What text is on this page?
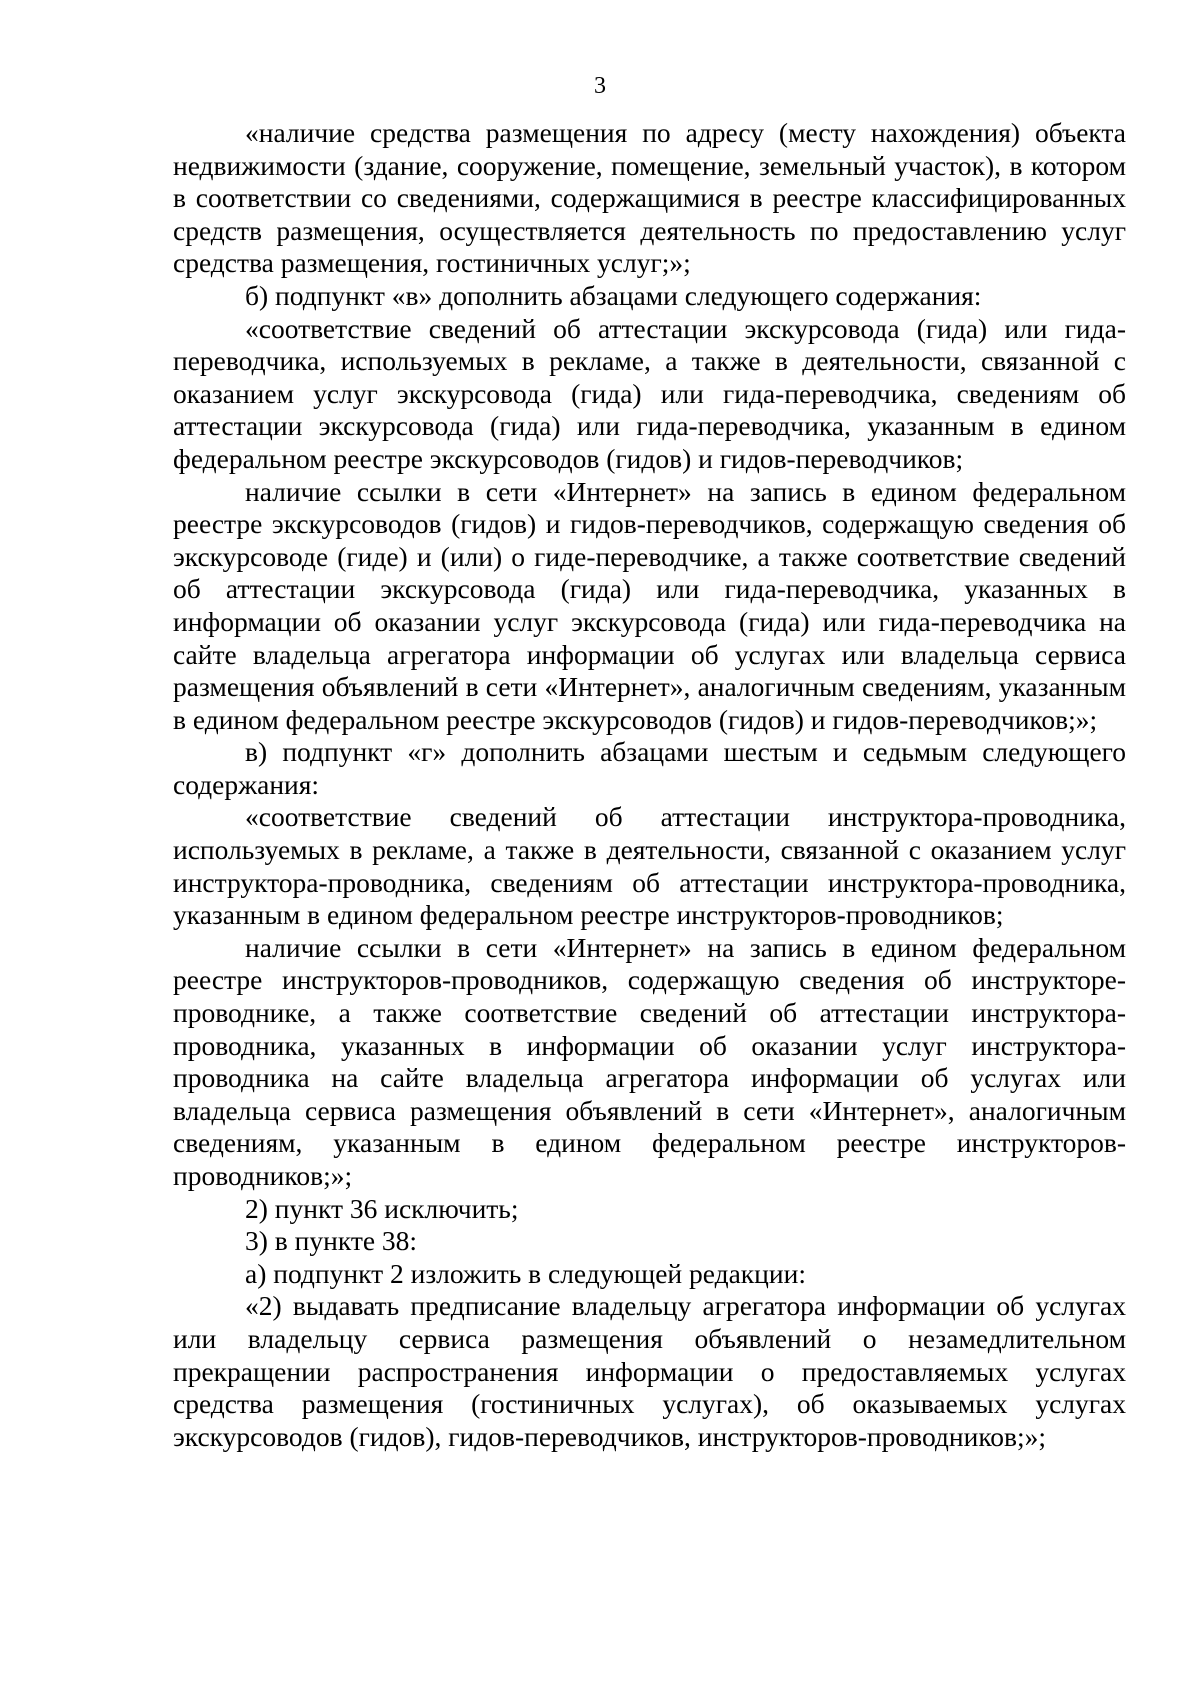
3

«наличие средства размещения по адресу (месту нахождения) объекта недвижимости (здание, сооружение, помещение, земельный участок), в котором в соответствии со сведениями, содержащимися в реестре классифицированных средств размещения, осуществляется деятельность по предоставлению услуг средства размещения, гостиничных услуг;»;

б) подпункт «в» дополнить абзацами следующего содержания:

«соответствие сведений об аттестации экскурсовода (гида) или гида-переводчика, используемых в рекламе, а также в деятельности, связанной с оказанием услуг экскурсовода (гида) или гида-переводчика, сведениям об аттестации экскурсовода (гида) или гида-переводчика, указанным в едином федеральном реестре экскурсоводов (гидов) и гидов-переводчиков;

наличие ссылки в сети «Интернет» на запись в едином федеральном реестре экскурсоводов (гидов) и гидов-переводчиков, содержащую сведения об экскурсоводе (гиде) и (или) о гиде-переводчике, а также соответствие сведений об аттестации экскурсовода (гида) или гида-переводчика, указанных в информации об оказании услуг экскурсовода (гида) или гида-переводчика на сайте владельца агрегатора информации об услугах или владельца сервиса размещения объявлений в сети «Интернет», аналогичным сведениям, указанным в едином федеральном реестре экскурсоводов (гидов) и гидов-переводчиков;»;

в) подпункт «г» дополнить абзацами шестым и седьмым следующего содержания:

«соответствие сведений об аттестации инструктора-проводника, используемых в рекламе, а также в деятельности, связанной с оказанием услуг инструктора-проводника, сведениям об аттестации инструктора-проводника, указанным в едином федеральном реестре инструкторов-проводников;

наличие ссылки в сети «Интернет» на запись в едином федеральном реестре инструкторов-проводников, содержащую сведения об инструкторе-проводнике, а также соответствие сведений об аттестации инструктора-проводника, указанных в информации об оказании услуг инструктора-проводника на сайте владельца агрегатора информации об услугах или владельца сервиса размещения объявлений в сети «Интернет», аналогичным сведениям, указанным в едином федеральном реестре инструкторов-проводников;»;

2) пункт 36 исключить;

3) в пункте 38:

а) подпункт 2 изложить в следующей редакции:

«2) выдавать предписание владельцу агрегатора информации об услугах или владельцу сервиса размещения объявлений о незамедлительном прекращении распространения информации о предоставляемых услугах средства размещения (гостиничных услугах), об оказываемых услугах экскурсоводов (гидов), гидов-переводчиков, инструкторов-проводников;»;
